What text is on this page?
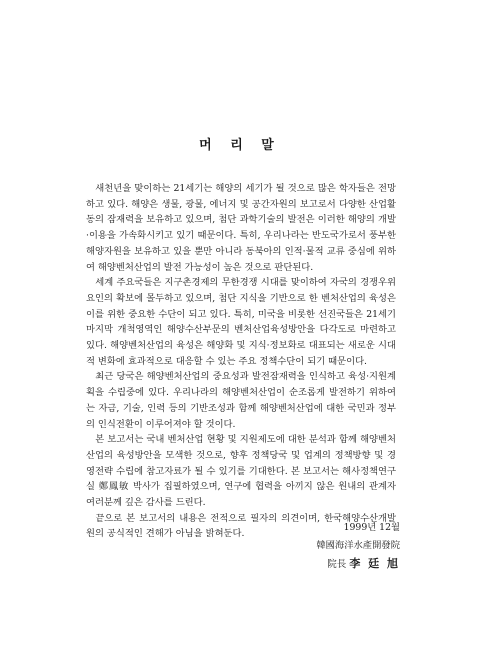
머 리 말

새천년을 맞이하는 21세기는 해양의 세기가 될 것으로 많은 학자들은 전망하고 있다. 해양은 생물, 광물, 에너지 및 공간자원의 보고로서 다양한 산업활동의 잠재력을 보유하고 있으며, 첨단 과학기술의 발전은 이러한 해양의 개발·이용을 가속화시키고 있기 때문이다. 특히, 우리나라는 반도국가로서 풍부한 해양자원을 보유하고 있을 뿐만 아니라 동북아의 인적·물적 교류 중심에 위하여 해양벤처산업의 발전 가능성이 높은 것으로 판단된다.

세계 주요국들은 지구촌경제의 무한경쟁 시대를 맞이하여 자국의 경쟁우위 요인의 확보에 몰두하고 있으며, 첨단 지식을 기반으로 한 벤처산업의 육성은 이를 위한 중요한 수단이 되고 있다. 특히, 미국을 비롯한 선진국들은 21세기 마지막 개척영역인 해양수산부문의 벤처산업육성방안을 다각도로 마련하고 있다. 해양벤처산업의 육성은 해양화 및 지식·정보화로 대표되는 새로운 시대적 변화에 효과적으로 대응할 수 있는 주요 정책수단이 되기 때문이다.

최근 당국은 해양벤처산업의 중요성과 발전잠재력을 인식하고 육성·지원계획을 수립중에 있다. 우리나라의 해양벤처산업이 순조롭게 발전하기 위하여는 자금, 기술, 인력 등의 기반조성과 함께 해양벤처산업에 대한 국민과 정부의 인식전환이 이루어져야 할 것이다.

본 보고서는 국내 벤처산업 현황 및 지원제도에 대한 분석과 함께 해양벤처산업의 육성방안을 모색한 것으로, 향후 정책당국 및 업계의 정책방향 및 경영전략 수립에 참고자료가 될 수 있기를 기대한다. 본 보고서는 해사정책연구실 鄭鳳敏 박사가 집필하였으며, 연구에 협력을 아끼지 않은 원내의 관계자 여러분께 깊은 감사를 드린다.

끝으로 본 보고서의 내용은 전적으로 필자의 의견이며, 한국해양수산개발원의 공식적인 견해가 아님을 밝혀둔다.

1999년 12월
韓國海洋水產開發院
院長 李 廷 旭
